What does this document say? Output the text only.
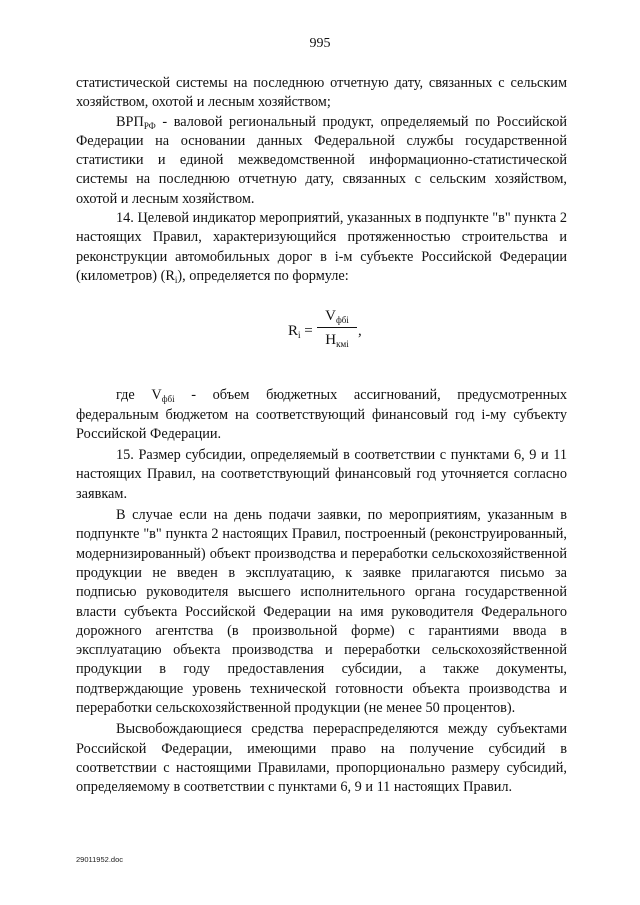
995

статистической системы на последнюю отчетную дату, связанных с сельским хозяйством, охотой и лесным хозяйством;

$ВРП_{РФ}$ - валовой региональный продукт, определяемый по Российской Федерации на основании данных Федеральной службы государственной статистики и единой межведомственной информационно-статистической системы на последнюю отчетную дату, связанных с сельским хозяйством, охотой и лесным хозяйством.

14. Целевой индикатор мероприятий, указанных в подпункте "в" пункта 2 настоящих Правил, характеризующийся протяженностью строительства и реконструкции автомобильных дорог в i-м субъекте Российской Федерации (километров) $(R_i)$, определяется по формуле:

$R_i$ =
$V_{фбi}$
$H_{кмi}$
,

где $V_{фбi}$ - объем бюджетных ассигнований, предусмотренных федеральным бюджетом на соответствующий финансовый год i-му субъекту Российской Федерации.

15. Размер субсидии, определяемый в соответствии с пунктами 6, 9 и 11 настоящих Правил, на соответствующий финансовый год уточняется согласно заявкам.

В случае если на день подачи заявки, по мероприятиям, указанным в подпункте "в" пункта 2 настоящих Правил, построенный (реконструированный, модернизированный) объект производства и переработки сельскохозяйственной продукции не введен в эксплуатацию, к заявке прилагаются письмо за подписью руководителя высшего исполнительного органа государственной власти субъекта Российской Федерации на имя руководителя Федерального дорожного агентства (в произвольной форме) с гарантиями ввода в эксплуатацию объекта производства и переработки сельскохозяйственной продукции в году предоставления субсидии, а также документы, подтверждающие уровень технической готовности объекта производства и переработки сельскохозяйственной продукции (не менее 50 процентов).

Высвобождающиеся средства перераспределяются между субъектами Российской Федерации, имеющими право на получение субсидий в соответствии с настоящими Правилами, пропорционально размеру субсидий, определяемому в соответствии с пунктами 6, 9 и 11 настоящих Правил.

29011952.doc
